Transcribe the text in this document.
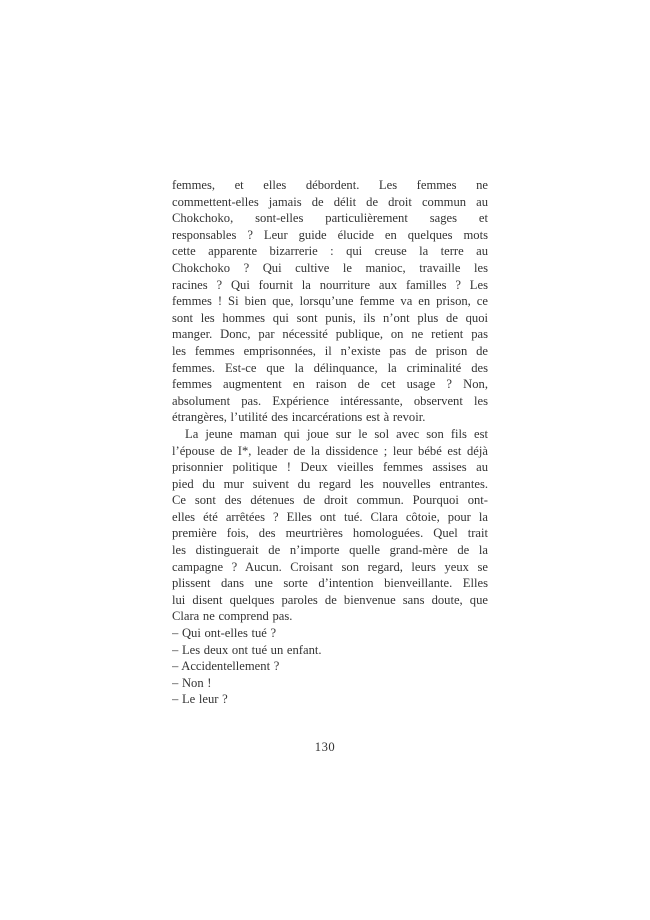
femmes, et elles débordent. Les femmes ne
commettent-elles jamais de délit de droit commun au
Chokchoko, sont-elles particulièrement sages et
responsables ? Leur guide élucide en quelques mots
cette apparente bizarrerie : qui creuse la terre au
Chokchoko ? Qui cultive le manioc, travaille les
racines ? Qui fournit la nourriture aux familles ? Les
femmes ! Si bien que, lorsqu’une femme va en prison, ce
sont les hommes qui sont punis, ils n’ont plus de quoi
manger. Donc, par nécessité publique, on ne retient pas
les femmes emprisonnées, il n’existe pas de prison de
femmes. Est-ce que la délinquance, la criminalité des
femmes augmentent en raison de cet usage ? Non,
absolument pas. Expérience intéressante, observent les
étrangères, l’utilité des incarcérations est à revoir.
La jeune maman qui joue sur le sol avec son fils est
l’épouse de I*, leader de la dissidence ; leur bébé est déjà
prisonnier politique ! Deux vieilles femmes assises au
pied du mur suivent du regard les nouvelles entrantes.
Ce sont des détenues de droit commun. Pourquoi ont-
elles été arrêtées ? Elles ont tué. Clara côtoie, pour la
première fois, des meurtrières homologuées. Quel trait
les distinguerait de n’importe quelle grand-mère de la
campagne ? Aucun. Croisant son regard, leurs yeux se
plissent dans une sorte d’intention bienveillante. Elles
lui disent quelques paroles de bienvenue sans doute, que
Clara ne comprend pas.
– Qui ont-elles tué ?
– Les deux ont tué un enfant.
– Accidentellement ?
– Non !
– Le leur ?
130
